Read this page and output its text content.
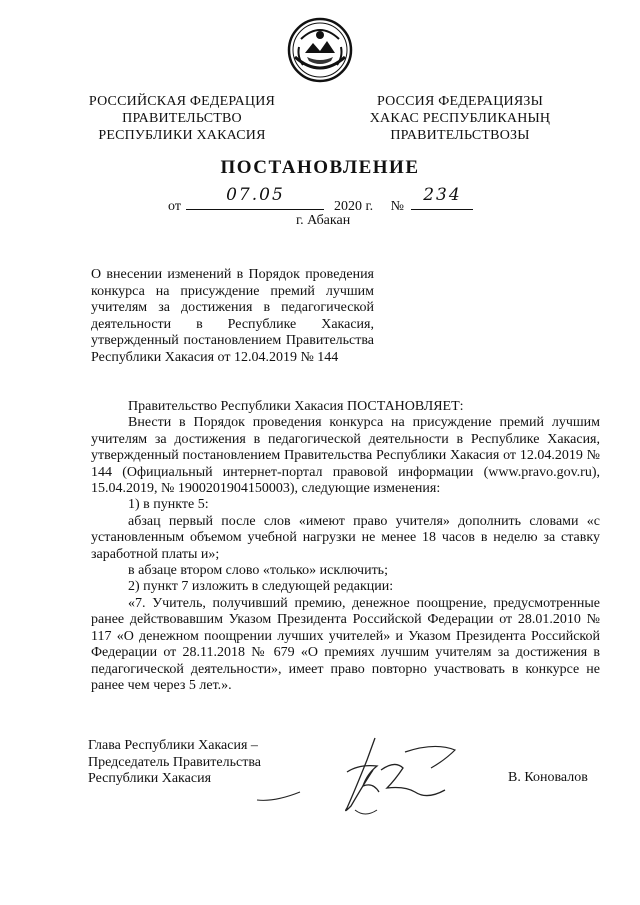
РОССИЙСКАЯ ФЕДЕРАЦИЯ
ПРАВИТЕЛЬСТВО
РЕСПУБЛИКИ ХАКАСИЯ
РОССИЯ ФЕДЕРАЦИЯЗЫ
ХАКАС РЕСПУБЛИКАНЫҢ
ПРАВИТЕЛЬСТВОЗЫ
ПОСТАНОВЛЕНИЕ
от
07.05
2020 г. №
234
г. Абакан
О внесении изменений в Порядок проведения конкурса на присуждение премий лучшим учителям за достижения в педагогической деятельности в Республике Хакасия, утвержденный постановлением Правительства Республики Хакасия от 12.04.2019 № 144

Правительство Республики Хакасия ПОСТАНОВЛЯЕТ:

Внести в Порядок проведения конкурса на присуждение премий лучшим учителям за достижения в педагогической деятельности в Республике Хакасия, утвержденный постановлением Правительства Республики Хакасия от 12.04.2019 № 144 (Официальный интернет-портал правовой информации (www.pravo.gov.ru), 15.04.2019, № 1900201904150003), следующие изменения:

1) в пункте 5:

абзац первый после слов «имеют право учителя» дополнить словами «с установленным объемом учебной нагрузки не менее 18 часов в неделю за ставку заработной платы и»;

в абзаце втором слово «только» исключить;

2) пункт 7 изложить в следующей редакции:

«7. Учитель, получивший премию, денежное поощрение, предусмотренные ранее действовавшим Указом Президента Российской Федерации от 28.01.2010 № 117 «О денежном поощрении лучших учителей» и Указом Президента Российской Федерации от 28.11.2018 № 679 «О премиях лучшим учителям за достижения в педагогической деятельности», имеет право повторно участвовать в конкурсе не ранее чем через 5 лет.».

Глава Республики Хакасия –
Председатель Правительства
Республики Хакасия	В. Коновалов
